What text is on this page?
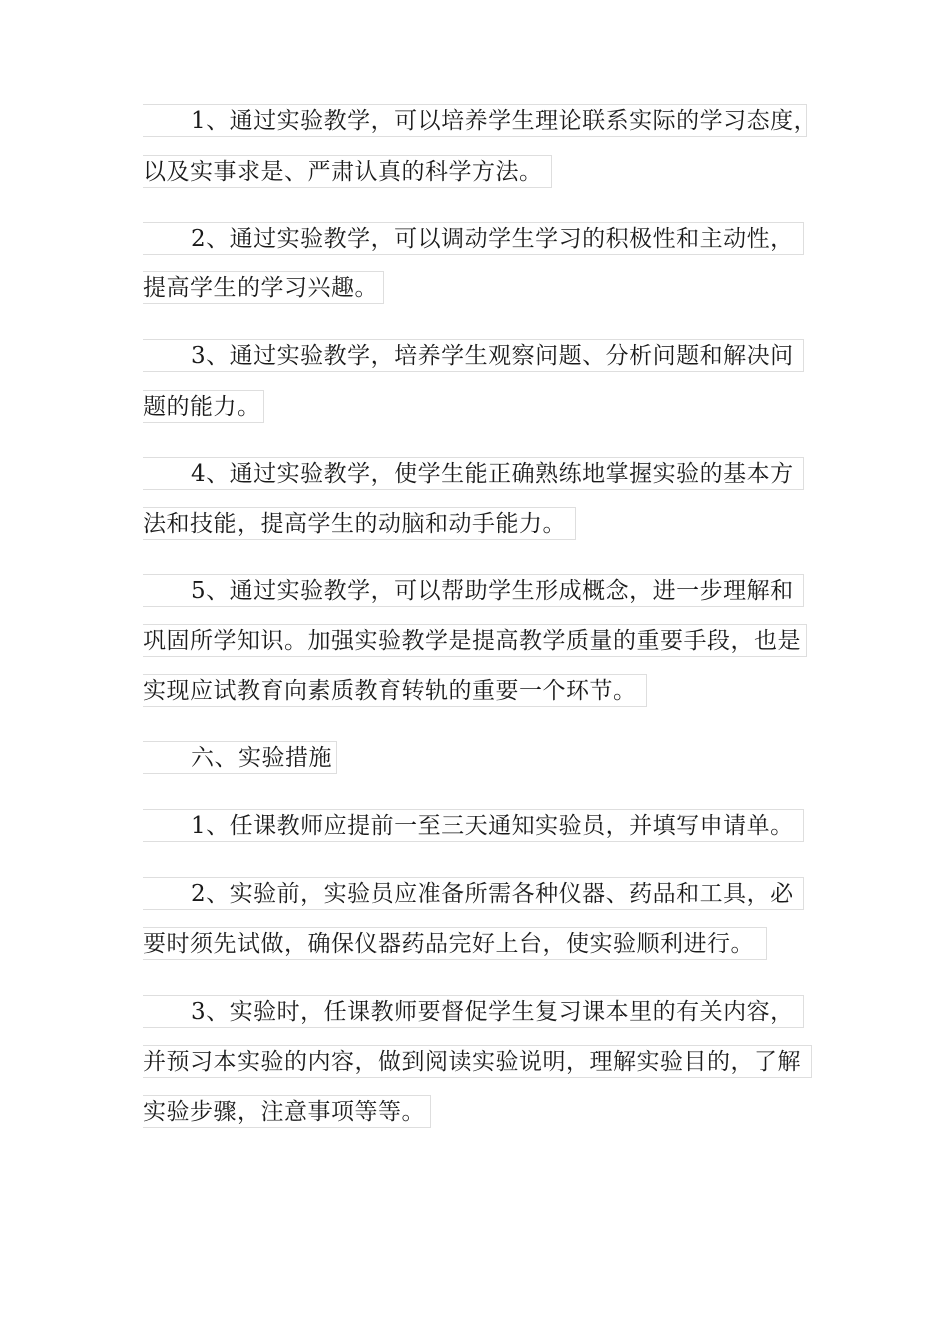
1、通过实验教学，可以培养学生理论联系实际的学习态度，
以及实事求是、严肃认真的科学方法。
2、通过实验教学，可以调动学生学习的积极性和主动性，
提高学生的学习兴趣。
3、通过实验教学，培养学生观察问题、分析问题和解决问
题的能力。
4、通过实验教学，使学生能正确熟练地掌握实验的基本方
法和技能，提高学生的动脑和动手能力。
5、通过实验教学，可以帮助学生形成概念，进一步理解和
巩固所学知识。加强实验教学是提高教学质量的重要手段，也是
实现应试教育向素质教育转轨的重要一个环节。
六、实验措施
1、任课教师应提前一至三天通知实验员，并填写申请单。
2、实验前，实验员应准备所需各种仪器、药品和工具，必
要时须先试做，确保仪器药品完好上台，使实验顺利进行。
3、实验时，任课教师要督促学生复习课本里的有关内容，
并预习本实验的内容，做到阅读实验说明，理解实验目的，了解
实验步骤，注意事项等等。
